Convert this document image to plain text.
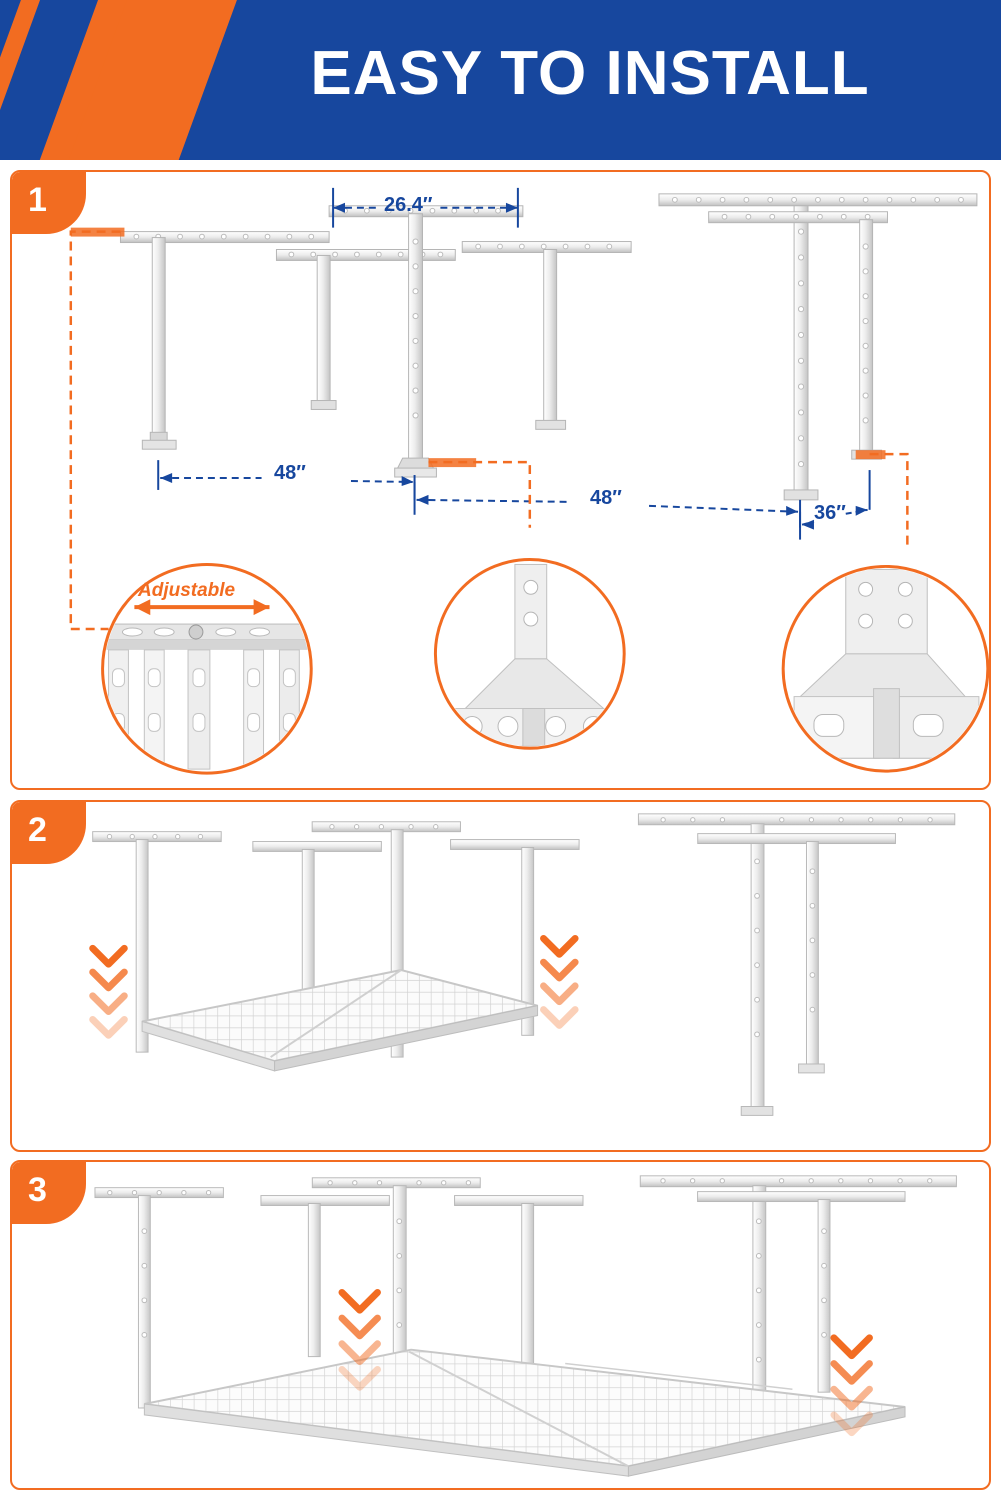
EASY TO INSTALL
1	26.4″
48″
48″
36″
Adjustable
2
3
